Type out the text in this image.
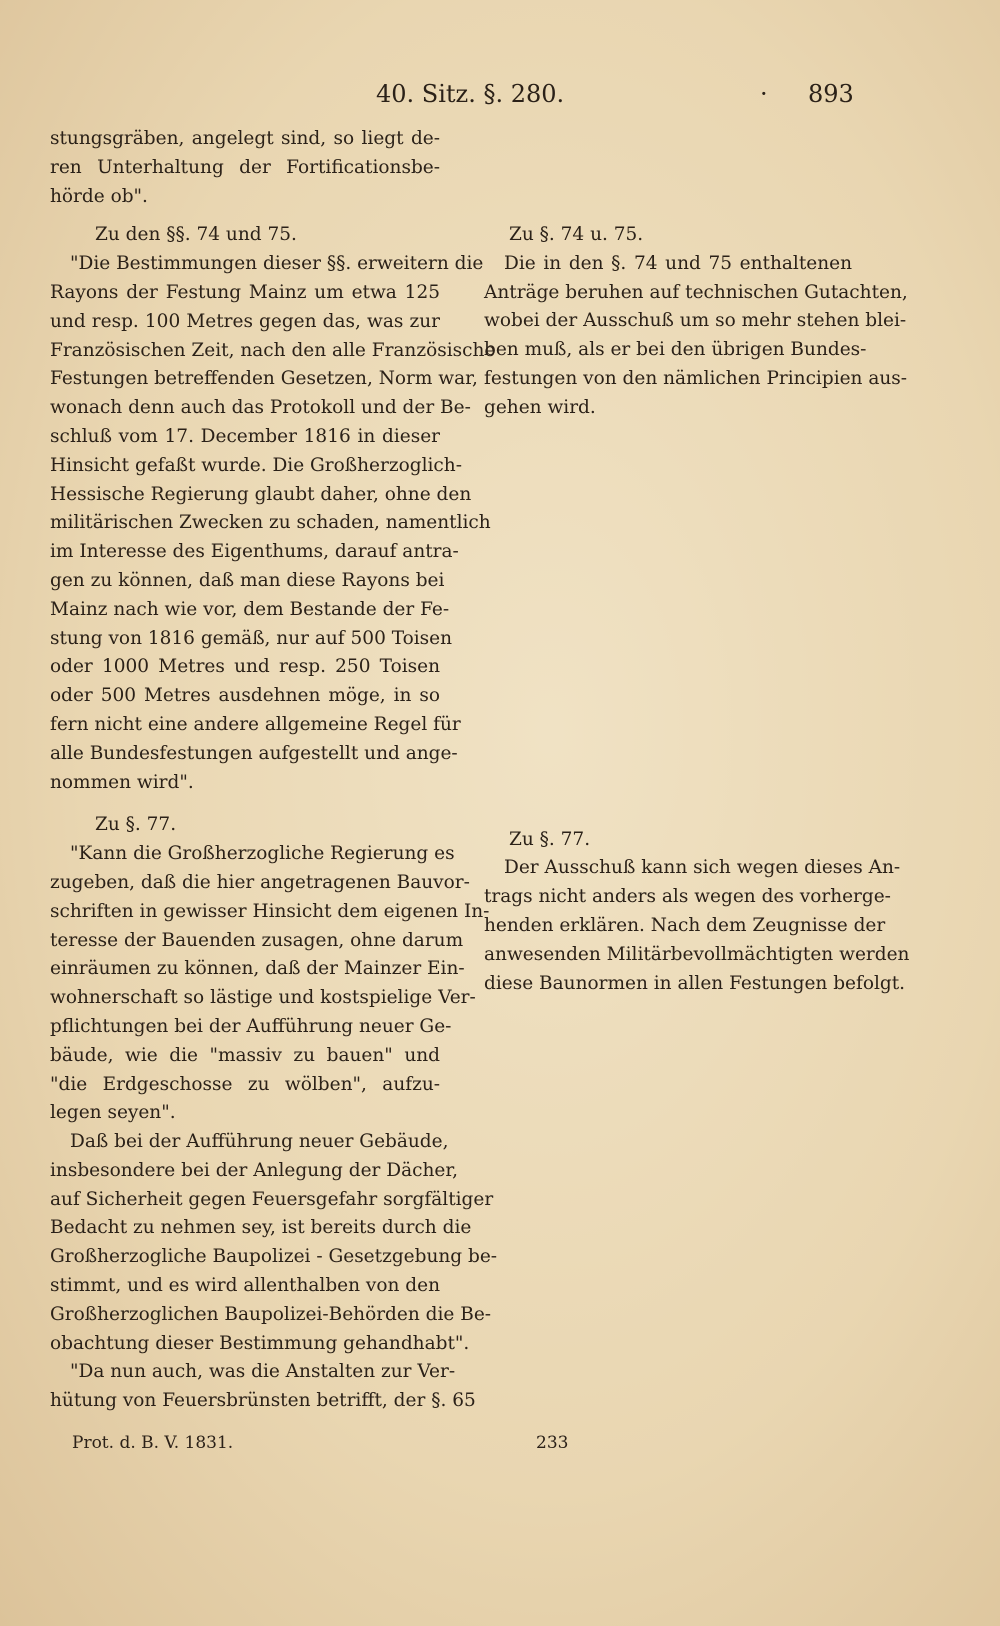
40. Sitz. §. 280.	· 893
stungsgräben, angelegt sind, so liegt de-
ren Unterhaltung der Fortificationsbe-
hörde ob".
Zu den §§. 74 und 75.
"Die Bestimmungen dieser §§. erweitern die
Rayons der Festung Mainz um etwa 125
und resp. 100 Metres gegen das, was zur
Französischen Zeit, nach den alle Französische
Festungen betreffenden Gesetzen, Norm war,
wonach denn auch das Protokoll und der Be-
schluß vom 17. December 1816 in dieser
Hinsicht gefaßt wurde. Die Großherzoglich-
Hessische Regierung glaubt daher, ohne den
militärischen Zwecken zu schaden, namentlich
im Interesse des Eigenthums, darauf antra-
gen zu können, daß man diese Rayons bei
Mainz nach wie vor, dem Bestande der Fe-
stung von 1816 gemäß, nur auf 500 Toisen
oder 1000 Metres und resp. 250 Toisen
oder 500 Metres ausdehnen möge, in so
fern nicht eine andere allgemeine Regel für
alle Bundesfestungen aufgestellt und ange-
nommen wird".
Zu §. 77.
"Kann die Großherzogliche Regierung es
zugeben, daß die hier angetragenen Bauvor-
schriften in gewisser Hinsicht dem eigenen In-
teresse der Bauenden zusagen, ohne darum
einräumen zu können, daß der Mainzer Ein-
wohnerschaft so lästige und kostspielige Ver-
pflichtungen bei der Aufführung neuer Ge-
bäude, wie die "massiv zu bauen" und
"die Erdgeschosse zu wölben", aufzu-
legen seyen".
Daß bei der Aufführung neuer Gebäude,
insbesondere bei der Anlegung der Dächer,
auf Sicherheit gegen Feuersgefahr sorgfältiger
Bedacht zu nehmen sey, ist bereits durch die
Großherzogliche Baupolizei - Gesetzgebung be-
stimmt, und es wird allenthalben von den
Großherzoglichen Baupolizei-Behörden die Be-
obachtung dieser Bestimmung gehandhabt".
"Da nun auch, was die Anstalten zur Ver-
hütung von Feuersbrünsten betrifft, der §. 65
Zu §. 74 u. 75.
Die in den §. 74 und 75 enthaltenen
Anträge beruhen auf technischen Gutachten,
wobei der Ausschuß um so mehr stehen blei-
ben muß, als er bei den übrigen Bundes-
festungen von den nämlichen Principien aus-
gehen wird.
Zu §. 77.
Der Ausschuß kann sich wegen dieses An-
trags nicht anders als wegen des vorherge-
henden erklären. Nach dem Zeugnisse der
anwesenden Militärbevollmächtigten werden
diese Baunormen in allen Festungen befolgt.
Prot. d. B. V. 1831.	233
